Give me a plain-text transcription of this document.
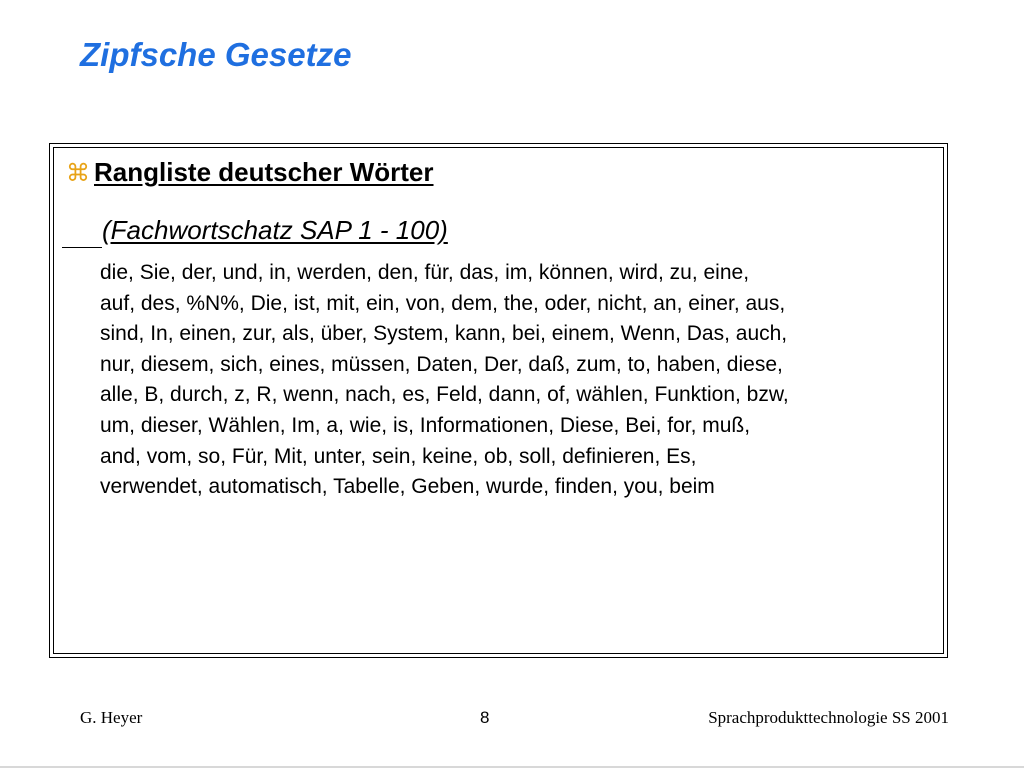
Zipfsche Gesetze
⌘ Rangliste deutscher Wörter
(Fachwortschatz SAP 1 - 100)
die, Sie, der, und, in, werden, den, für, das, im, können, wird, zu, eine,
auf, des, %N%, Die, ist, mit, ein, von, dem, the, oder, nicht, an, einer, aus,
sind, In, einen, zur, als, über, System, kann, bei, einem, Wenn, Das, auch,
nur, diesem, sich, eines, müssen, Daten, Der, daß, zum, to, haben, diese,
alle, B, durch, z, R, wenn, nach, es, Feld, dann, of, wählen, Funktion, bzw,
um, dieser, Wählen, Im, a, wie, is, Informationen, Diese, Bei, for, muß,
and, vom, so, Für, Mit, unter, sein, keine, ob, soll, definieren, Es,
verwendet, automatisch, Tabelle, Geben, wurde, finden, you, beim
G. Heyer	8	Sprachprodukttechnologie SS 2001
